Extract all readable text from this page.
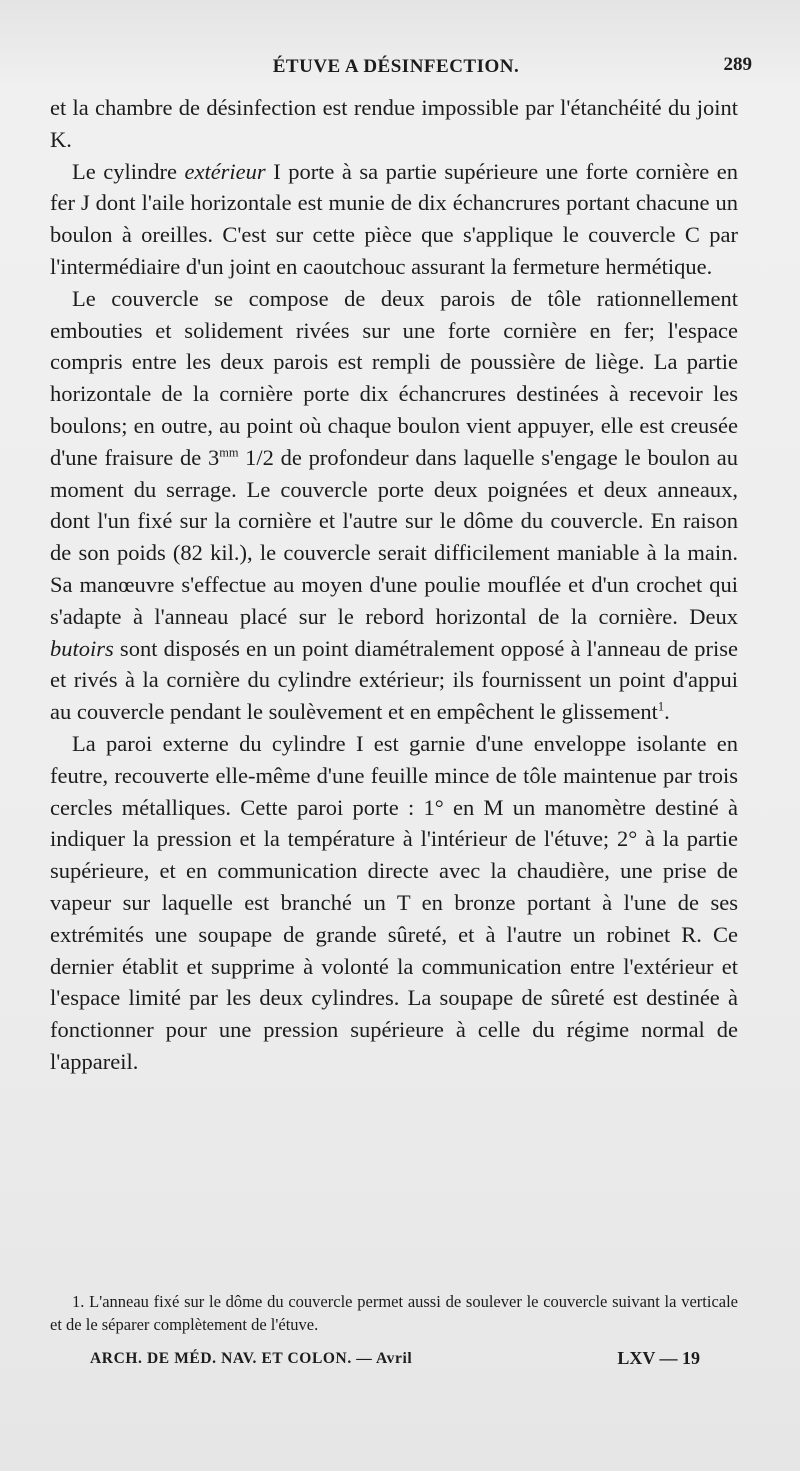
ÉTUVE A DÉSINFECTION.	289

et la chambre de désinfection est rendue impossible par l'étanchéité du joint K.

Le cylindre extérieur I porte à sa partie supérieure une forte cornière en fer J dont l'aile horizontale est munie de dix échancrures portant chacune un boulon à oreilles. C'est sur cette pièce que s'applique le couvercle C par l'intermédiaire d'un joint en caoutchouc assurant la fermeture hermétique.

Le couvercle se compose de deux parois de tôle rationnellement embouties et solidement rivées sur une forte cornière en fer; l'espace compris entre les deux parois est rempli de poussière de liège. La partie horizontale de la cornière porte dix échancrures destinées à recevoir les boulons; en outre, au point où chaque boulon vient appuyer, elle est creusée d'une fraisure de $3^{mm}$ 1/2 de profondeur dans laquelle s'engage le boulon au moment du serrage. Le couvercle porte deux poignées et deux anneaux, dont l'un fixé sur la cornière et l'autre sur le dôme du couvercle. En raison de son poids (82 kil.), le couvercle serait difficilement maniable à la main. Sa manœuvre s'effectue au moyen d'une poulie mouflée et d'un crochet qui s'adapte à l'anneau placé sur le rebord horizontal de la cornière. Deux butoirs sont disposés en un point diamétralement opposé à l'anneau de prise et rivés à la cornière du cylindre extérieur; ils fournissent un point d'appui au couvercle pendant le soulèvement et en empêchent le glissement$^1$.

La paroi externe du cylindre I est garnie d'une enveloppe isolante en feutre, recouverte elle-même d'une feuille mince de tôle maintenue par trois cercles métalliques. Cette paroi porte : 1° en M un manomètre destiné à indiquer la pression et la température à l'intérieur de l'étuve; 2° à la partie supérieure, et en communication directe avec la chaudière, une prise de vapeur sur laquelle est branché un T en bronze portant à l'une de ses extrémités une soupape de grande sûreté, et à l'autre un robinet R. Ce dernier établit et supprime à volonté la communication entre l'extérieur et l'espace limité par les deux cylindres. La soupape de sûreté est destinée à fonctionner pour une pression supérieure à celle du régime normal de l'appareil.

1. L'anneau fixé sur le dôme du couvercle permet aussi de soulever le couvercle suivant la verticale et de le séparer complètement de l'étuve.
ARCH. DE MÉD. NAV. ET COLON. — Avril	LXV — 19
